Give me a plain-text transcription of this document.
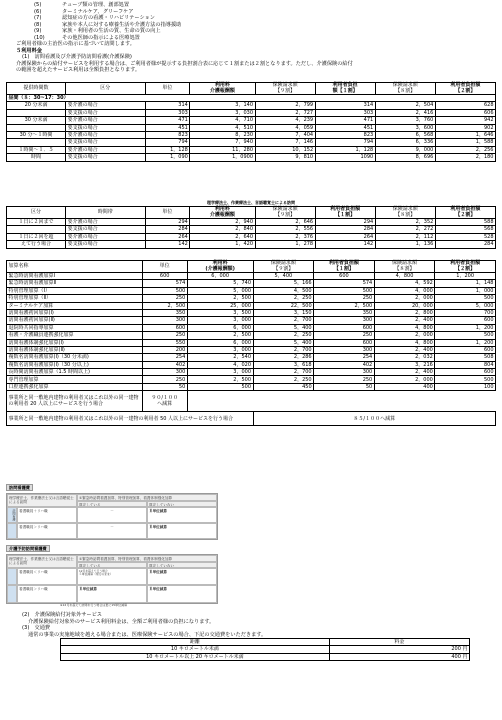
(5)	チューブ類の管理、創部処置
(6)	ターミナルケア、グリーフケア
(7)	認知症の方の看護・リハビリテーション
(8)	家族や本人に対する療養生活や介護方法の指導援助
(9)	家族・利用者の生活の質、生命の質の向上
(10)	その他医師の指示による医療処置
ご利用者様の主治医の指示に基づいて訪問します。
５利用料金
(1)　訪問看護及び介護予防訪問看護(介護保険)
介護保険からの給付サービスを利用する場合は、ご利用者様が提示する負担割合表に応じて１割または２割となります。ただし、介護保険の給付
の範囲を超えたサービス利用は全額負担となります。
提供時間数	区分	単位	利用料
介護報酬額	保険請求額
【９割】	利用者負担
額【１割】	保険請求額
【８割】	利用者負担額
【２割】
昼間（８：30~17：30）							
20 分未満	要介護の場合	314	3，140	2，799	314	2，504	628
	要支援の場合	303	3，030	2，727	303	2，416	606
30 分未満	要介護の場合	471	4，710	4，239	471	3，760	942
	要支援の場合	451	4，510	4，059	451	3，600	902
30 分～１時間	要介護の場合	823	8，230	7，404	823	6，568	1，646
	要支援の場合	794	7，940	7，146	794	6，336	1，588
１時間～１．５	要介護の場合	1，128	11，280	10，152	1，128	9，000	2，256
時間	要支援の場合	1，090	1，0900	9，810	1090	8，696	2，180
理学療法士、作業療法士、言語聴覚士による訪問
区分	時間帯	単位	利用料
介護報酬額	保険請求額
【９割】	利用者負担額
【１割】	保険請求額
【８割】	利用者負担額
【２割】
１日に２回まで	要介護の場合	294	2，940	2，646	294	2，352	588
	要支援の場合	284	2，840	2，556	284	2，272	568
１日に２回を超	要介護の場合	264	2，640	2，376	264	2，112	528
えて行う場合	要支援の場合	142	1，420	1，278	142	1，136	284
加算名称	単位	利用料
(介護報酬額)	保険請求額
【９割】	利用者負担額
【１割】	保険請求額
【８割】	利用者負担額
【２割】
緊急時訪問看護加算Ⅰ	600	6，000	5，400	600	4，800	1，200
緊急時訪問看護加算Ⅱ	574	5，740	5，166	574	4，592	1，148
特別管理加算（Ⅰ）	500	5，000	4，500	500	4，000	1，000
特別管理加算（Ⅱ）	250	2，500	2，250	250	2，000	500
ターミナルケア加算	2，500	25，000	22，500	2，500	20，000	5，000
訪問看護初回加算(Ⅰ)	350	3，500	3，150	350	2，800	700
訪問看護初回加算(Ⅱ)	300	3，000	2，700	300	2，400	600
退院時共同指導加算	600	6，000	5，400	600	4，800	1，200
看護・介護職員連携強化加算	250	2，500	2，250	250	2，000	500
訪問看護体制強化加算(Ⅰ)	550	6，000	5，400	600	4，800	1，200
訪問看護体制強化加算(Ⅱ)	200	3，000	2，700	300	2，400	600
複数名訪問看護加算(Ⅰ)（30 分未満)	254	2，540	2，286	254	2，032	508
複数名訪問看護加算(Ⅰ)（30 分以上)	402	4，020	3，618	402	3，216	804
長時間訪問看護加算（1.5 時間以上)	300	3，000	2，700	300	2，400	600
専門管理加算	250	2，500	2，250	250	2，000	500
口腔連携強化加算	50	500	450	50	400	100
事業所と同一敷地内建物の利用者又はこれ以外の同一建物の利用者 20 人以上にサービスを行う場合	９０/１００
へ減算					
事業所と同一敷地内建物の利用者又はこれ以外の同一建物の利用者 50 人以上にサービスを行う場合			８５/１００へ減算			
訪問看護費
理学療法士、作業療法士又は言語聴覚士による訪問
①緊急時訪問看護加算、特別管理加算、看護体制強化加算
算定している	算定していない
訪問看護 看護職員＋リハ職	－	Ｅ単位減算
看護職員＞リハ職	－	Ｅ単位減算
介護予防訪問看護費
理学療法士、作業療法士又は言語聴覚士による訪問
①緊急時訪問看護加算、特別管理加算、看護体制強化加算
算定している	算定していない
看護職員＜リハ職	12月を超えて行う場合
５単位減算（現行のまま）
Ｅ単位減算
看護職員＞リハ職	Ｅ単位減算	Ｅ単位減算
※12月を超えて訪問を行う場合は更に15単位減算
(2)　介護保険給付対象外サービス
介護保険給付対象外のサービス利用料金は、全額ご利用者様の負担になります。
(3)　交通費
通常の事業の実施地域を越える場合または、医療保険サービスの場合、下記の交通費をいただきます。
距離	料金
10 キロメートル未満	200 円
10 キロメートル以上 20 キロメートル未満	400 円
